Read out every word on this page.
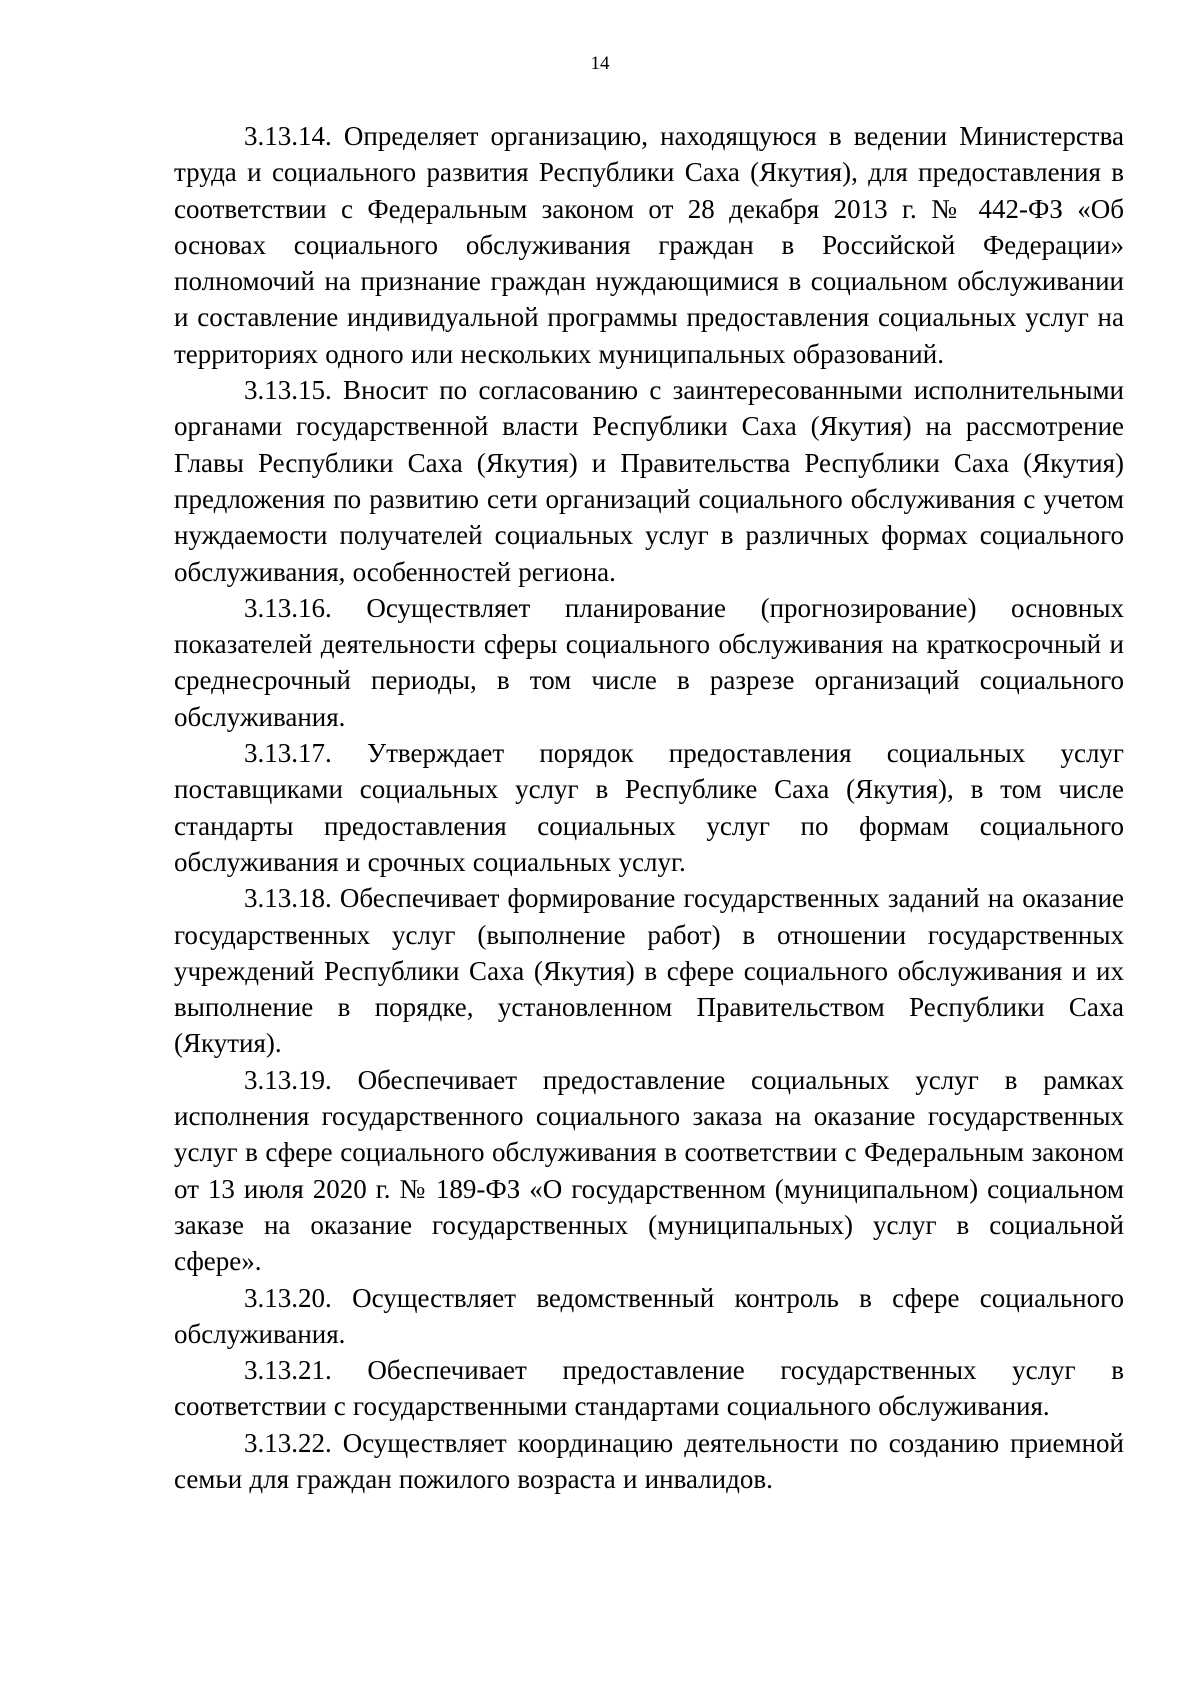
14

3.13.14. Определяет организацию, находящуюся в ведении Министерства труда и социального развития Республики Саха (Якутия), для предоставления в соответствии с Федеральным законом от 28 декабря 2013 г. № 442-ФЗ «Об основах социального обслуживания граждан в Российской Федерации» полномочий на признание граждан нуждающимися в социальном обслуживании и составление индивидуальной программы предоставления социальных услуг на территориях одного или нескольких муниципальных образований.

3.13.15. Вносит по согласованию с заинтересованными исполнительными органами государственной власти Республики Саха (Якутия) на рассмотрение Главы Республики Саха (Якутия) и Правительства Республики Саха (Якутия) предложения по развитию сети организаций социального обслуживания с учетом нуждаемости получателей социальных услуг в различных формах социального обслуживания, особенностей региона.

3.13.16. Осуществляет планирование (прогнозирование) основных показателей деятельности сферы социального обслуживания на краткосрочный и среднесрочный периоды, в том числе в разрезе организаций социального обслуживания.

3.13.17. Утверждает порядок предоставления социальных услуг поставщиками социальных услуг в Республике Саха (Якутия), в том числе стандарты предоставления социальных услуг по формам социального обслуживания и срочных социальных услуг.

3.13.18. Обеспечивает формирование государственных заданий на оказание государственных услуг (выполнение работ) в отношении государственных учреждений Республики Саха (Якутия) в сфере социального обслуживания и их выполнение в порядке, установленном Правительством Республики Саха (Якутия).

3.13.19. Обеспечивает предоставление социальных услуг в рамках исполнения государственного социального заказа на оказание государственных услуг в сфере социального обслуживания в соответствии с Федеральным законом от 13 июля 2020 г. № 189-ФЗ «О государственном (муниципальном) социальном заказе на оказание государственных (муниципальных) услуг в социальной сфере».

3.13.20. Осуществляет ведомственный контроль в сфере социального обслуживания.

3.13.21. Обеспечивает предоставление государственных услуг в соответствии с государственными стандартами социального обслуживания.

3.13.22. Осуществляет координацию деятельности по созданию приемной семьи для граждан пожилого возраста и инвалидов.
